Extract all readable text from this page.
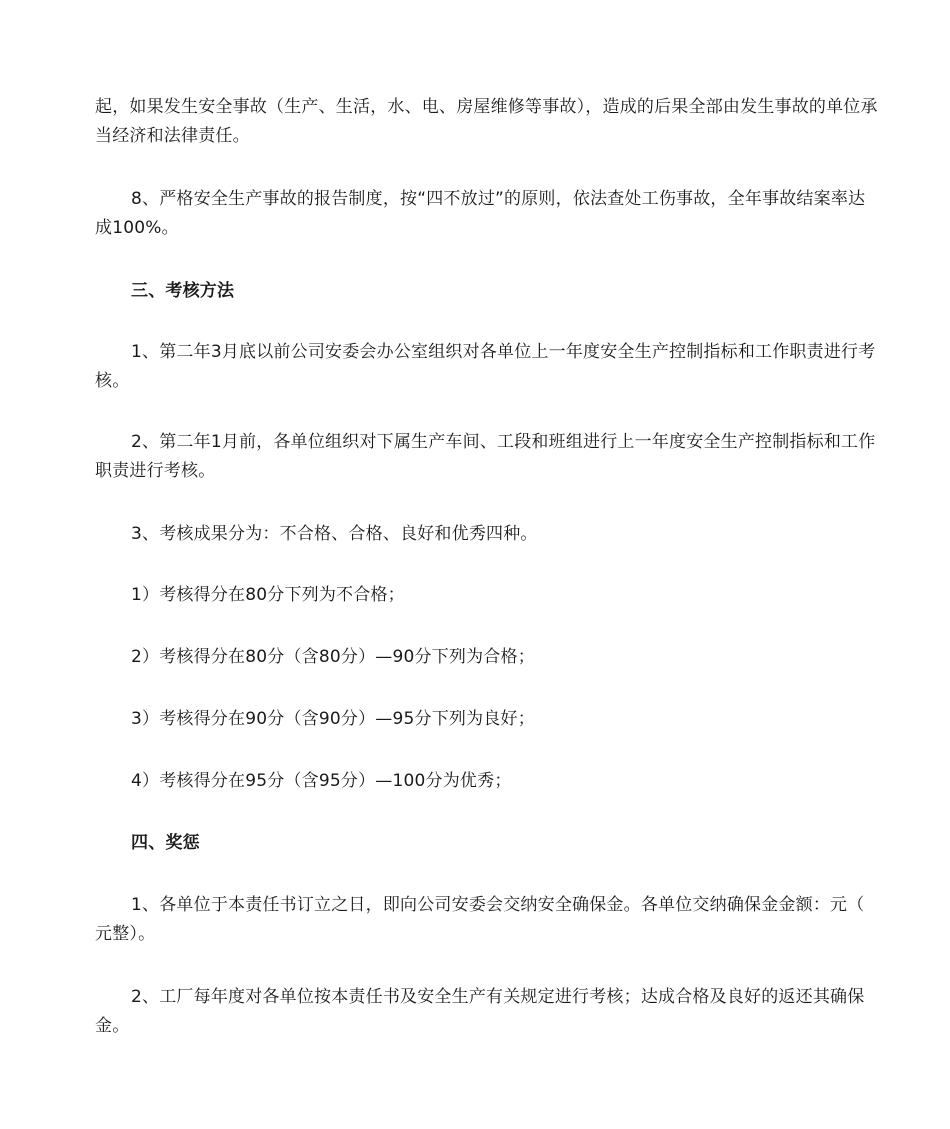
起，如果发生安全事故（生产、生活，水、电、房屋维修等事故），造成的后果全部由发生事故的单位承当经济和法律责任。

8、严格安全生产事故的报告制度，按“四不放过”的原则，依法查处工伤事故，全年事故结案率达成100%。

三、考核方法

1、第二年3月底以前公司安委会办公室组织对各单位上一年度安全生产控制指标和工作职责进行考核。

2、第二年1月前，各单位组织对下属生产车间、工段和班组进行上一年度安全生产控制指标和工作职责进行考核。

3、考核成果分为：不合格、合格、良好和优秀四种。

1）考核得分在80分下列为不合格；

2）考核得分在80分（含80分）—90分下列为合格；

3）考核得分在90分（含90分）—95分下列为良好；

4）考核得分在95分（含95分）—100分为优秀；

四、奖惩

1、各单位于本责任书订立之日，即向公司安委会交纳安全确保金。各单位交纳确保金金额：元（　 元整）。

2、工厂每年度对各单位按本责任书及安全生产有关规定进行考核；达成合格及良好的返还其确保金。
